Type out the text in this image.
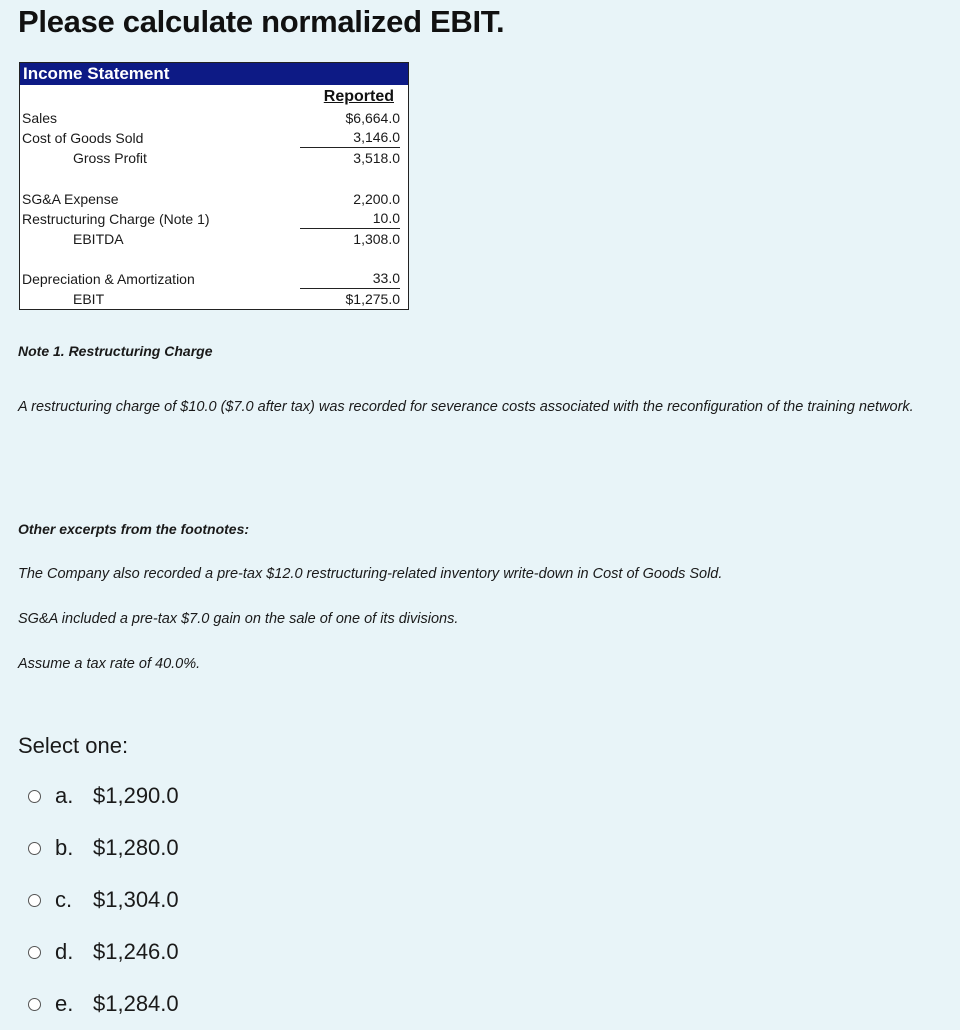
Please calculate normalized EBIT.
Income Statement
Reported
Sales	$6,664.0
Cost of Goods Sold	3,146.0
Gross Profit	3,518.0
SG&A Expense	2,200.0
Restructuring Charge (Note 1)	10.0
EBITDA	1,308.0
Depreciation & Amortization	33.0
EBIT	$1,275.0

Note 1. Restructuring Charge

A restructuring charge of $10.0 ($7.0 after tax) was recorded for severance costs associated with the reconfiguration of the training network.

Other excerpts from the footnotes:

The Company also recorded a pre-tax $12.0 restructuring-related inventory write-down in Cost of Goods Sold.

SG&A included a pre-tax $7.0 gain on the sale of one of its divisions.

Assume a tax rate of 40.0%.

Select one:

a. $1,290.0
b. $1,280.0
c. $1,304.0
d. $1,246.0
e. $1,284.0
